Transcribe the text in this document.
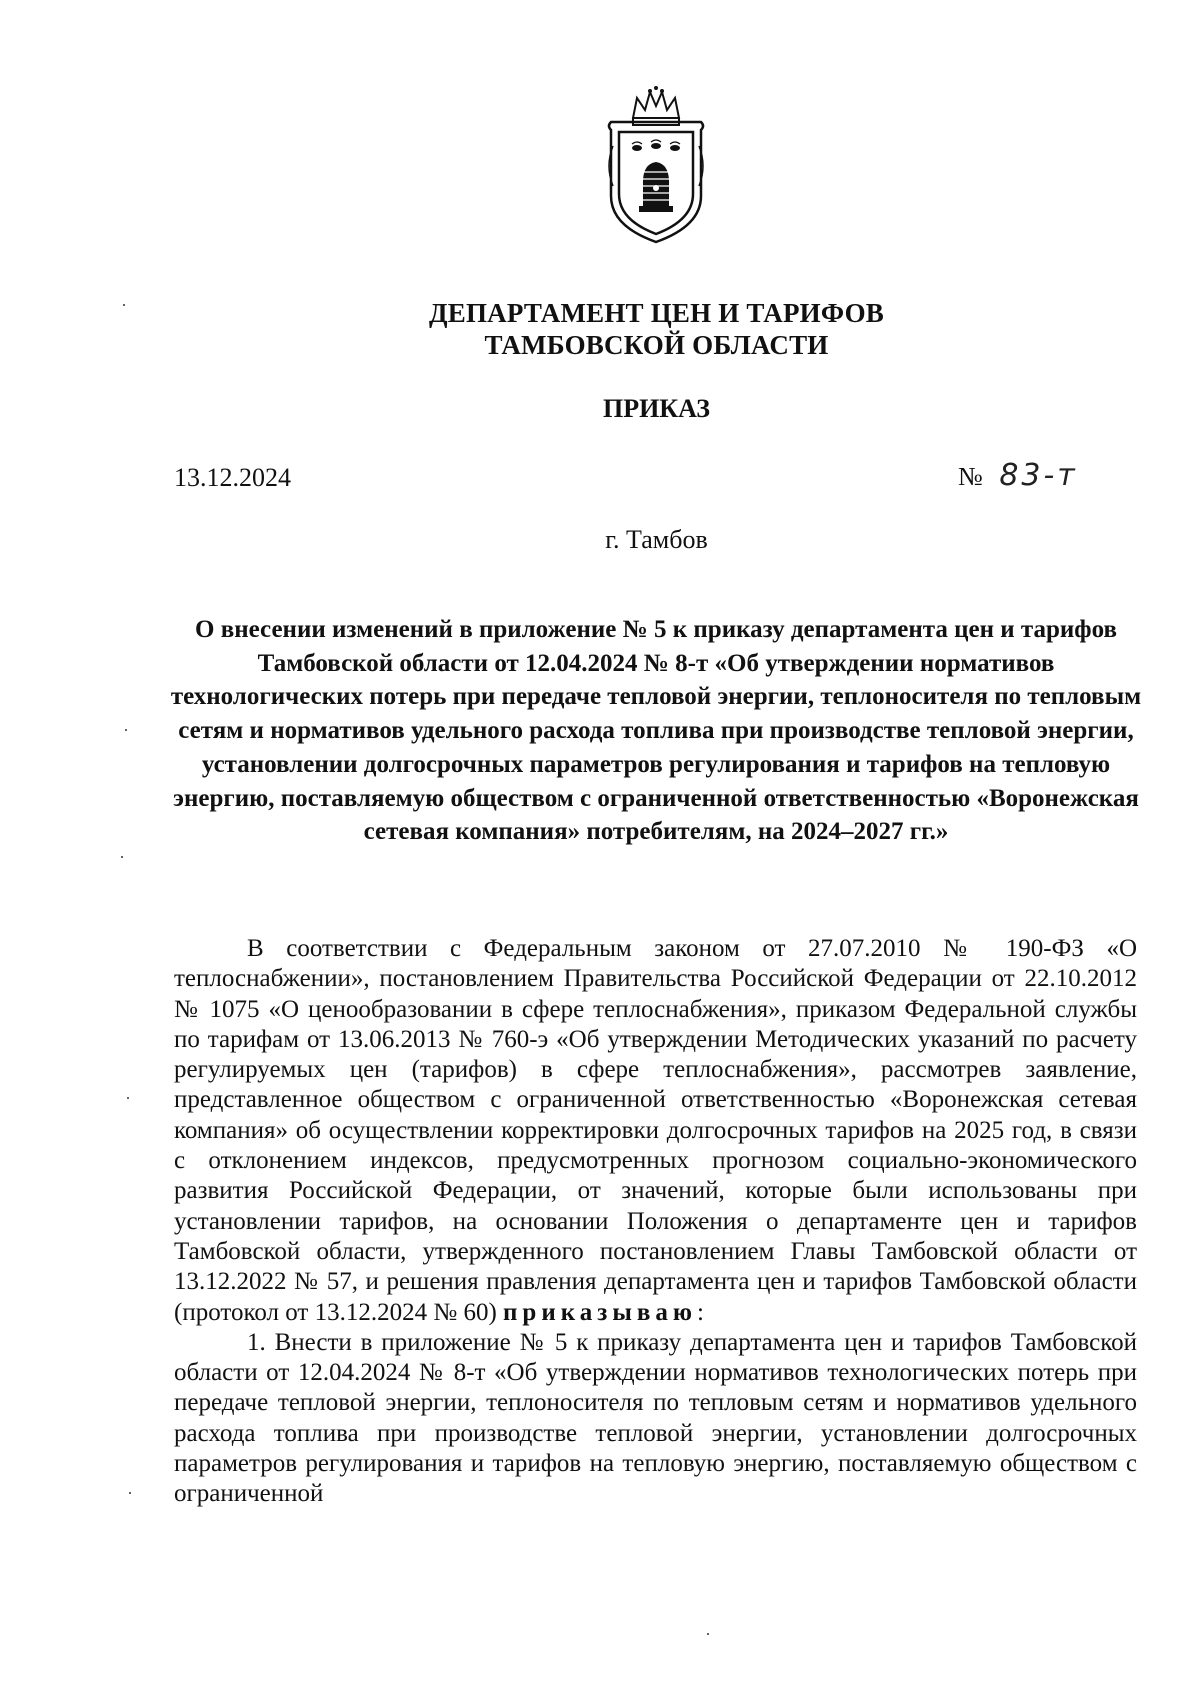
ДЕПАРТАМЕНТ ЦЕН И ТАРИФОВ
ТАМБОВСКОЙ ОБЛАСТИ
ПРИКАЗ
13.12.2024	№ 83-т
г. Тамбов
О внесении изменений в приложение № 5 к приказу департамента цен и тарифов Тамбовской области от 12.04.2024 № 8-т «Об утверждении нормативов технологических потерь при передаче тепловой энергии, теплоносителя по тепловым сетям и нормативов удельного расхода топлива при производстве тепловой энергии, установлении долгосрочных параметров регулирования и тарифов на тепловую энергию, поставляемую обществом с ограниченной ответственностью «Воронежская сетевая компания» потребителям, на 2024–2027 гг.»

В соответствии с Федеральным законом от 27.07.2010 № 190-ФЗ «О теплоснабжении», постановлением Правительства Российской Федерации от 22.10.2012 № 1075 «О ценообразовании в сфере теплоснабжения», приказом Федеральной службы по тарифам от 13.06.2013 № 760-э «Об утверждении Методических указаний по расчету регулируемых цен (тарифов) в сфере теплоснабжения», рассмотрев заявление, представленное обществом с ограниченной ответственностью «Воронежская сетевая компания» об осуществлении корректировки долгосрочных тарифов на 2025 год, в связи с отклонением индексов, предусмотренных прогнозом социально-экономического развития Российской Федерации, от значений, которые были использованы при установлении тарифов, на основании Положения о департаменте цен и тарифов Тамбовской области, утвержденного постановлением Главы Тамбовской области от 13.12.2022 № 57, и решения правления департамента цен и тарифов Тамбовской области (протокол от 13.12.2024 № 60) приказываю:

1. Внести в приложение № 5 к приказу департамента цен и тарифов Тамбовской области от 12.04.2024 № 8-т «Об утверждении нормативов технологических потерь при передаче тепловой энергии, теплоносителя по тепловым сетям и нормативов удельного расхода топлива при производстве тепловой энергии, установлении долгосрочных параметров регулирования и тарифов на тепловую энергию, поставляемую обществом с ограниченной
